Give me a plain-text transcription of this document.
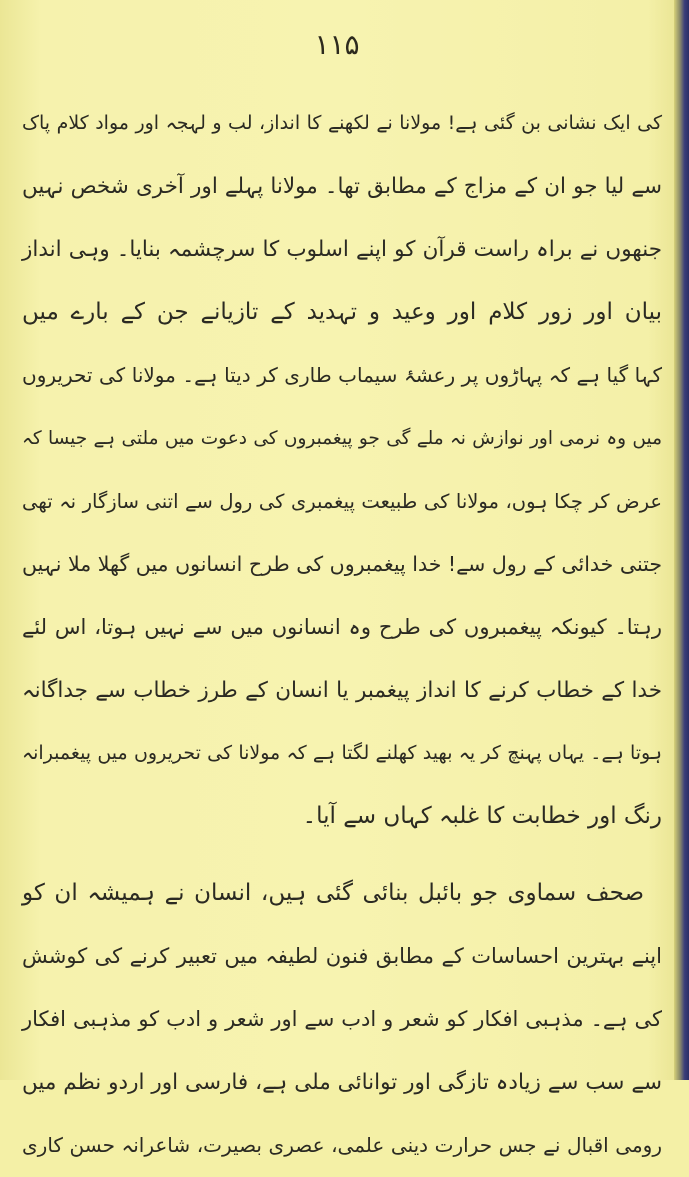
۱۱۵
کی ایک نشانی بن گئی ہے! مولانا نے لکھنے کا انداز، لب و لہجہ اور مواد کلام پاک
سے لیا جو ان کے مزاج کے مطابق تھا۔ مولانا پہلے اور آخری شخص نہیں
جنھوں نے براہ راست قرآن کو اپنے اسلوب کا سرچشمہ بنایا۔ وہی انداز
بیان اور زور کلام اور وعید و تہدید کے تازیانے جن کے بارے میں
کہا گیا ہے کہ پہاڑوں پر رعشۂ سیماب طاری کر دیتا ہے۔ مولانا کی تحریروں
میں وہ نرمی اور نوازش نہ ملے گی جو پیغمبروں کی دعوت میں ملتی ہے جیسا کہ
عرض کر چکا ہوں، مولانا کی طبیعت پیغمبری کی رول سے اتنی سازگار نہ تھی
جتنی خدائی کے رول سے! خدا پیغمبروں کی طرح انسانوں میں گھلا ملا نہیں
رہتا۔ کیونکہ پیغمبروں کی طرح وہ انسانوں میں سے نہیں ہوتا، اس لئے
خدا کے خطاب کرنے کا انداز پیغمبر یا انسان کے طرز خطاب سے جداگانہ
ہوتا ہے۔ یہاں پہنچ کر یہ بھید کھلنے لگتا ہے کہ مولانا کی تحریروں میں پیغمبرانہ
رنگ اور خطابت کا غلبہ کہاں سے آیا۔
صحف سماوی جو بائبل بنائی گئی ہیں، انسان نے ہمیشہ ان کو
اپنے بہترین احساسات کے مطابق فنون لطیفہ میں تعبیر کرنے کی کوشش
کی ہے۔ مذہبی افکار کو شعر و ادب سے اور شعر و ادب کو مذہبی افکار
سے سب سے زیادہ تازگی اور توانائی ملی ہے، فارسی اور اردو نظم میں
رومی اقبال نے جس حرارت دینی علمی، عصری بصیرت، شاعرانہ حسن کاری
